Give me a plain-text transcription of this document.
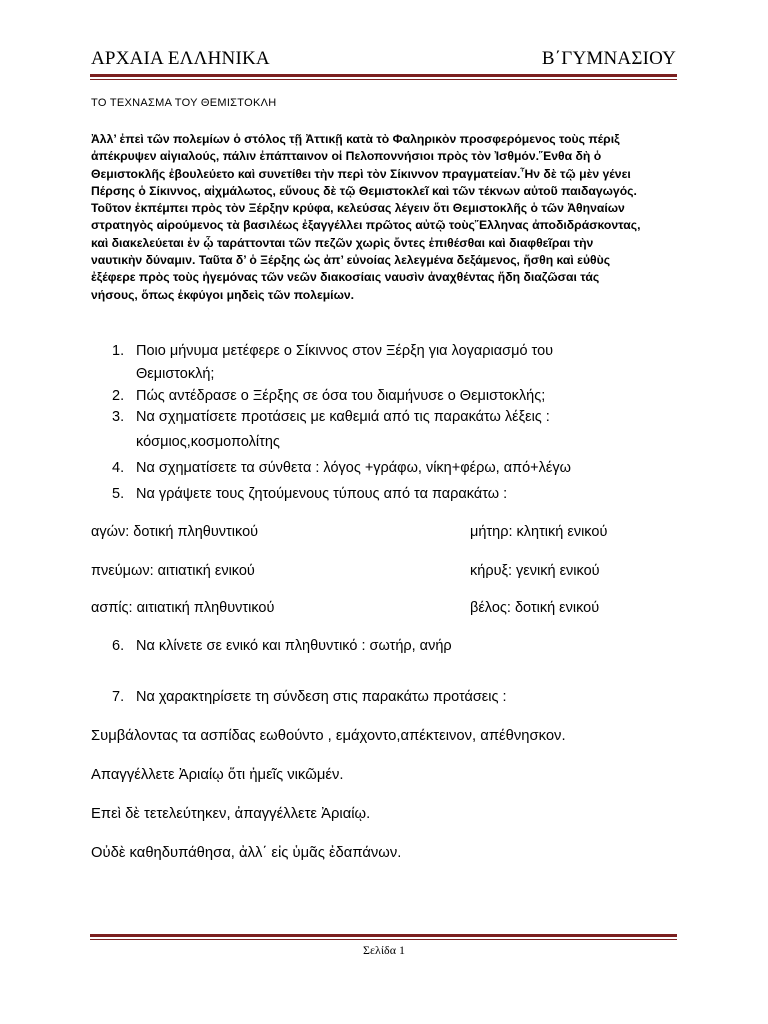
ΑΡΧΑΙΑ ΕΛΛΗΝΙΚΑ	Β΄ΓΥΜΝΑΣΙΟΥ
ΤΟ ΤΕΧΝΑΣΜΑ ΤΟΥ ΘΕΜΙΣΤΟΚΛΗ
Ἀλλ’ ἐπεὶ τῶν πολεμίων ὁ στόλος τῇ Ἀττικῇ κατὰ τὸ Φαληρικὸν προσφερόμενος τοὺς πέριξ
ἀπέκρυψεν αἰγιαλούς, πάλιν ἐπάπταινον οἱ Πελοποννήσιοι πρὸς τὸν Ἰσθμόν.῞Ενθα δὴ ὁ
Θεμιστοκλῆς ἐβουλεύετο καὶ συνετίθει τὴν περὶ τὸν Σίκιννον πραγματείαν.῏Ην δὲ τῷ μὲν γένει
Πέρσης ὁ Σίκιννος, αἰχμάλωτος, εὔνους δὲ τῷ Θεμιστοκλεῖ καὶ τῶν τέκνων αὐτοῦ παιδαγωγός.
Τοῦτον ἐκπέμπει πρὸς τὸν Ξέρξην κρύφα, κελεύσας λέγειν ὅτι Θεμιστοκλῆς ὁ τῶν Ἀθηναίων
στρατηγὸς αἱρούμενος τὰ βασιλέως ἐξαγγέλλει πρῶτος αὐτῷ τοὺς῞Ελληνας ἀποδιδράσκοντας,
καὶ διακελεύεται ἐν ᾧ ταράττονται τῶν πεζῶν χωρὶς ὄντες ἐπιθέσθαι καὶ διαφθεῖραι τὴν
ναυτικὴν δύναμιν. Ταῦτα δ’ ὁ Ξέρξης ὡς ἀπ’ εὐνοίας λελεγμένα δεξάμενος, ἥσθη καὶ εὐθὺς
ἐξέφερε πρὸς τοὺς ἡγεμόνας τῶν νεῶν διακοσίαις ναυσὶν ἀναχθέντας ἤδη διαζῶσαι τάς
νήσους, ὅπως ἐκφύγοι μηδεὶς τῶν πολεμίων.
1. Ποιο μήνυμα μετέφερε ο Σίκιννος στον Ξέρξη για λογαριασμό του
Θεμιστοκλή;
2. Πώς αντέδρασε ο Ξέρξης σε όσα του διαμήνυσε ο Θεμιστοκλής;
3. Να σχηματίσετε προτάσεις με καθεμιά από τις παρακάτω λέξεις :
κόσμιος,κοσμοπολίτης
4. Να σχηματίσετε τα σύνθετα : λόγος +γράφω, νίκη+φέρω, από+λέγω
5. Να γράψετε τους ζητούμενους τύπους από τα παρακάτω :
αγών: δοτική πληθυντικού	μήτηρ: κλητική ενικού
πνεύμων: αιτιατική ενικού	κήρυξ: γενική ενικού
ασπίς: αιτιατική πληθυντικού	βέλος: δοτική ενικού
6. Να κλίνετε σε ενικό και πληθυντικό : σωτήρ, ανήρ
7. Να χαρακτηρίσετε τη σύνδεση στις παρακάτω προτάσεις :
Συμβάλοντας τα ασπίδας εωθούντο , εμάχοντο,απέκτεινον, απέθνησκον.
Απαγγέλλετε Ἀριαίῳ ὅτι ἡμεῖς νικῶμέν.
Επεὶ δὲ τετελεύτηκεν, ἀπαγγέλλετε Ἀριαίῳ.
Οὐδὲ καθηδυπάθησα, ἀλλ΄ εἰς ὑμᾶς ἐδαπάνων.
Σελίδα 1
